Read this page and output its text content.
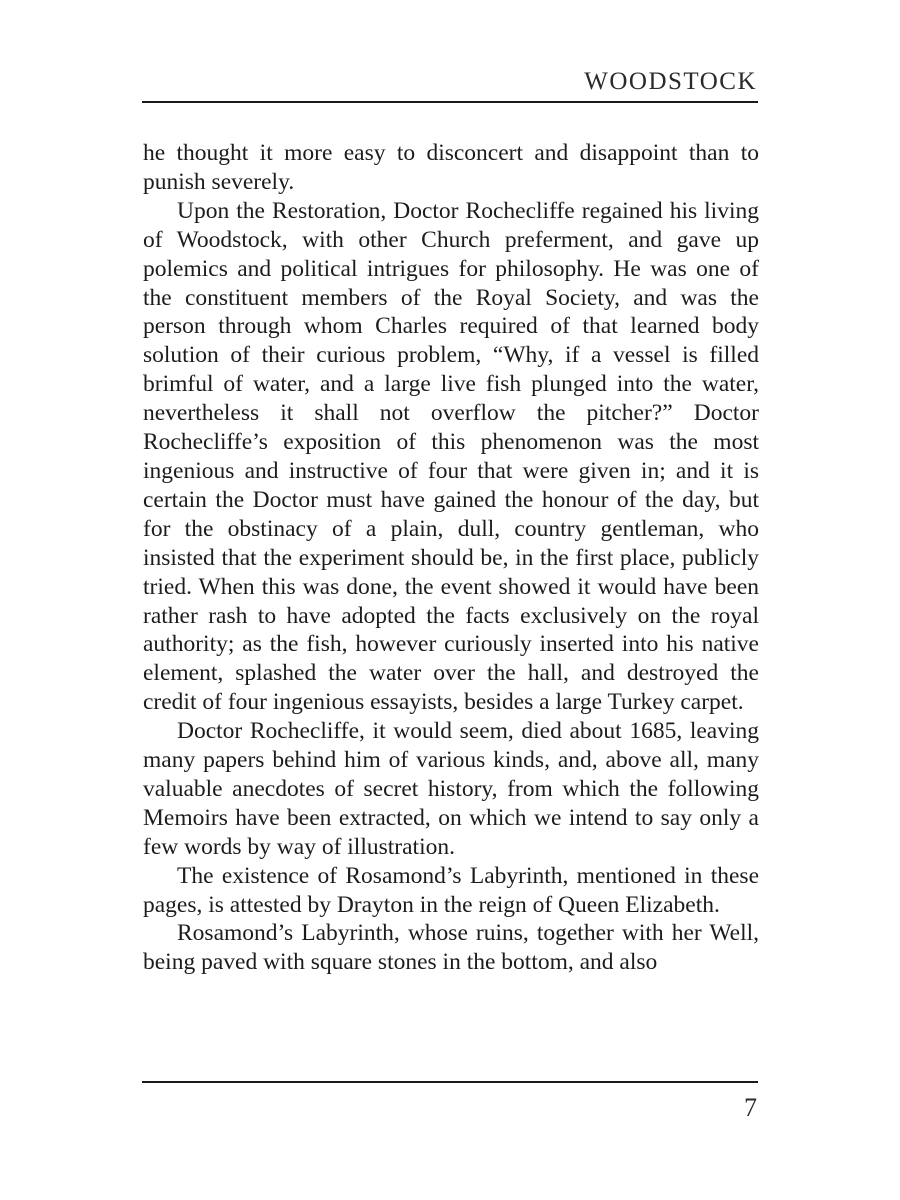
WOODSTOCK

he thought it more easy to disconcert and disappoint than to punish severely.

Upon the Restoration, Doctor Rochecliffe regained his living of Woodstock, with other Church preferment, and gave up polemics and political intrigues for philosophy. He was one of the constituent members of the Royal Society, and was the person through whom Charles required of that learned body solution of their curious problem, “Why, if a vessel is filled brimful of water, and a large live fish plunged into the water, nevertheless it shall not overflow the pitcher?” Doctor Rochecliffe’s exposition of this phenomenon was the most ingenious and instructive of four that were given in; and it is certain the Doctor must have gained the honour of the day, but for the obstinacy of a plain, dull, country gentleman, who insisted that the experiment should be, in the first place, publicly tried. When this was done, the event showed it would have been rather rash to have adopted the facts exclusively on the royal authority; as the fish, however curiously inserted into his native element, splashed the water over the hall, and destroyed the credit of four ingenious essayists, besides a large Turkey carpet.

Doctor Rochecliffe, it would seem, died about 1685, leaving many papers behind him of various kinds, and, above all, many valuable anecdotes of secret history, from which the following Memoirs have been extracted, on which we intend to say only a few words by way of illustration.

The existence of Rosamond’s Labyrinth, mentioned in these pages, is attested by Drayton in the reign of Queen Elizabeth.

Rosamond’s Labyrinth, whose ruins, together with her Well, being paved with square stones in the bottom, and also

7
